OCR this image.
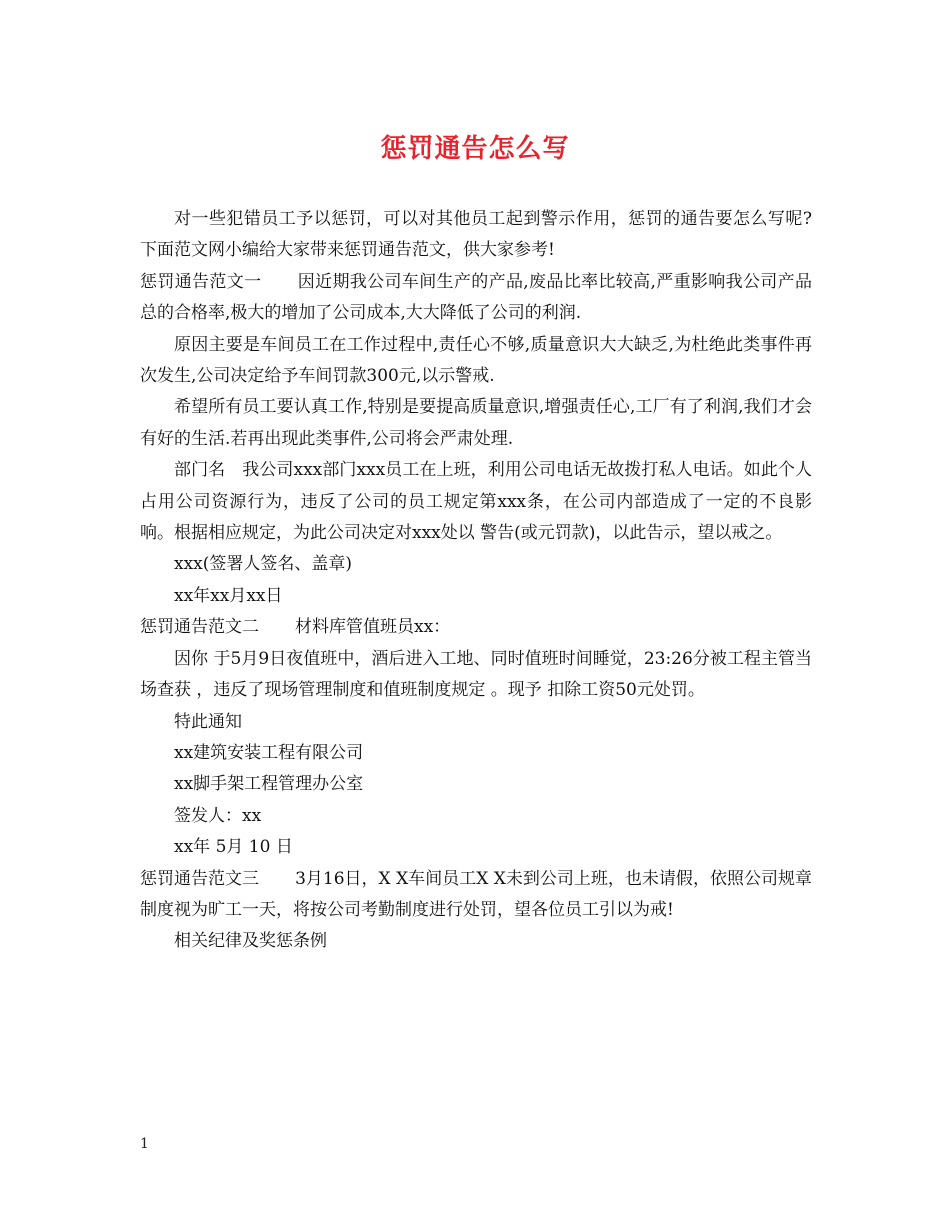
惩罚通告怎么写

对一些犯错员工予以惩罚，可以对其他员工起到警示作用，惩罚的通告要怎么写呢?下面范文网小编给大家带来惩罚通告范文，供大家参考!

惩罚通告范文一 因近期我公司车间生产的产品,废品比率比较高,严重影响我公司产品总的合格率,极大的增加了公司成本,大大降低了公司的利润.

原因主要是车间员工在工作过程中,责任心不够,质量意识大大缺乏,为杜绝此类事件再次发生,公司决定给予车间罚款300元,以示警戒.

希望所有员工要认真工作,特别是要提高质量意识,增强责任心,工厂有了利润,我们才会有好的生活.若再出现此类事件,公司将会严肃处理.

部门名　我公司xxx部门xxx员工在上班，利用公司电话无故拨打私人电话。如此个人占用公司资源行为，违反了公司的员工规定第xxx条，在公司内部造成了一定的不良影响。根据相应规定，为此公司决定对xxx处以 警告(或元罚款)，以此告示，望以戒之。

xxx(签署人签名、盖章)

xx年xx月xx日

惩罚通告范文二 材料库管值班员xx：

因你 于5月9日夜值班中，酒后进入工地、同时值班时间睡觉，23:26分被工程主管当场查获 ，违反了现场管理制度和值班制度规定 。现予 扣除工资50元处罚。

特此通知

xx建筑安装工程有限公司

xx脚手架工程管理办公室

签发人：xx

xx年 5月 10 日

惩罚通告范文三 3月16日，X X车间员工X X未到公司上班，也未请假，依照公司规章制度视为旷工一天，将按公司考勤制度进行处罚，望各位员工引以为戒!

相关纪律及奖惩条例

1
